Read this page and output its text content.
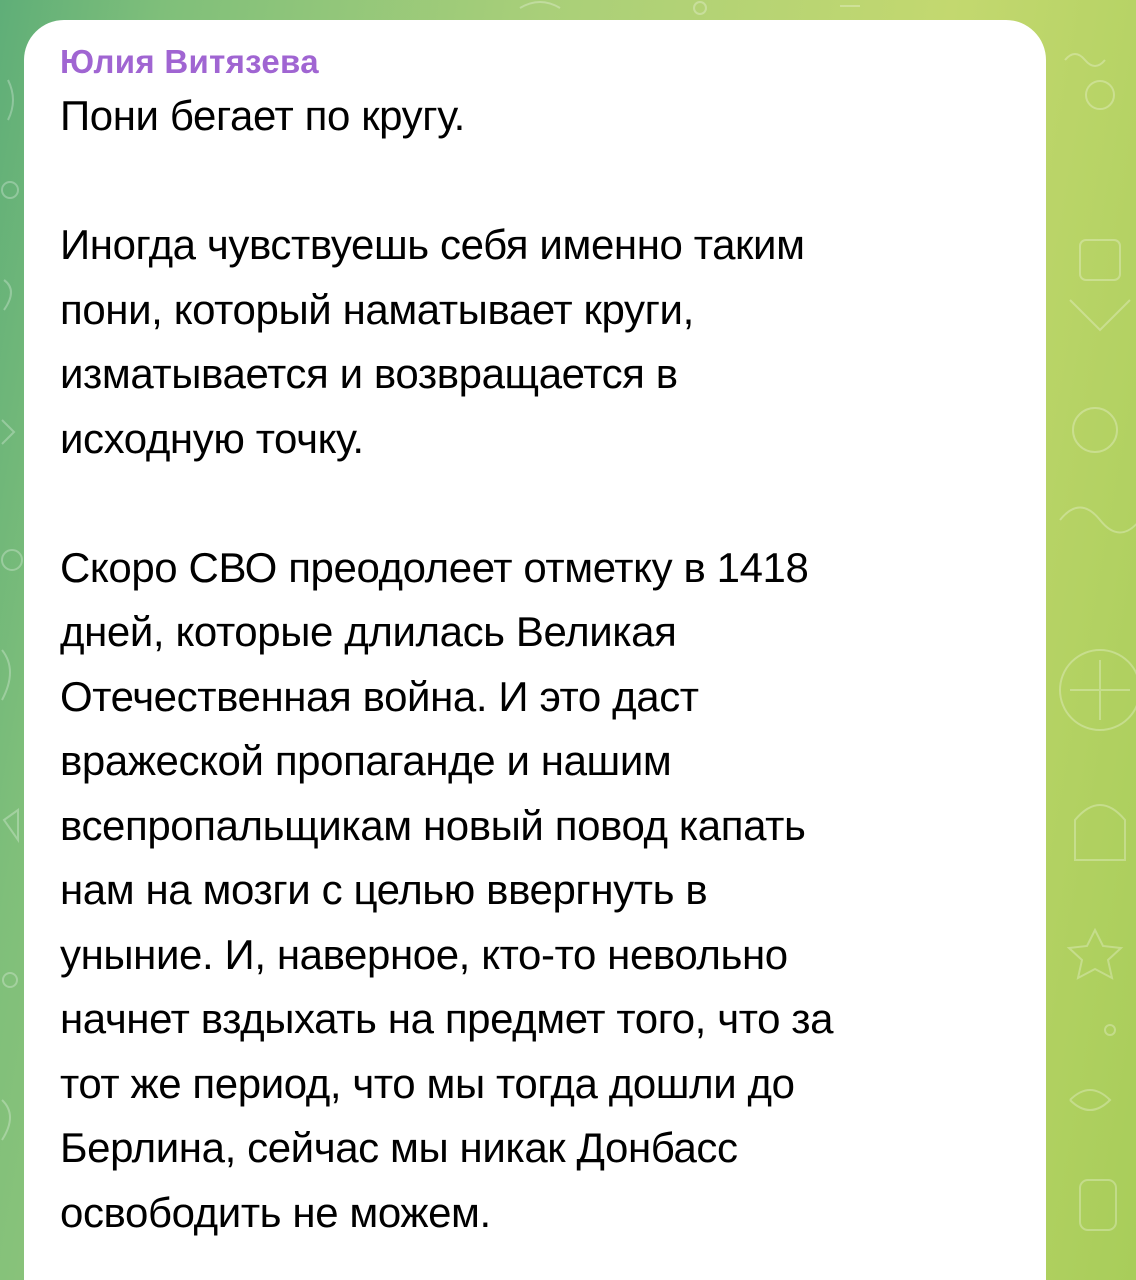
Юлия Витязева
Пони бегает по кругу.
Иногда чувствуешь себя именно таким
пони, который наматывает круги,
изматывается и возвращается в
исходную точку.
Скоро СВО преодолеет отметку в 1418
дней, которые длилась Великая
Отечественная война. И это даст
вражеской пропаганде и нашим
всепропальщикам новый повод капать
нам на мозги с целью ввергнуть в
уныние. И, наверное, кто-то невольно
начнет вздыхать на предмет того, что за
тот же период, что мы тогда дошли до
Берлина, сейчас мы никак Донбасс
освободить не можем.
